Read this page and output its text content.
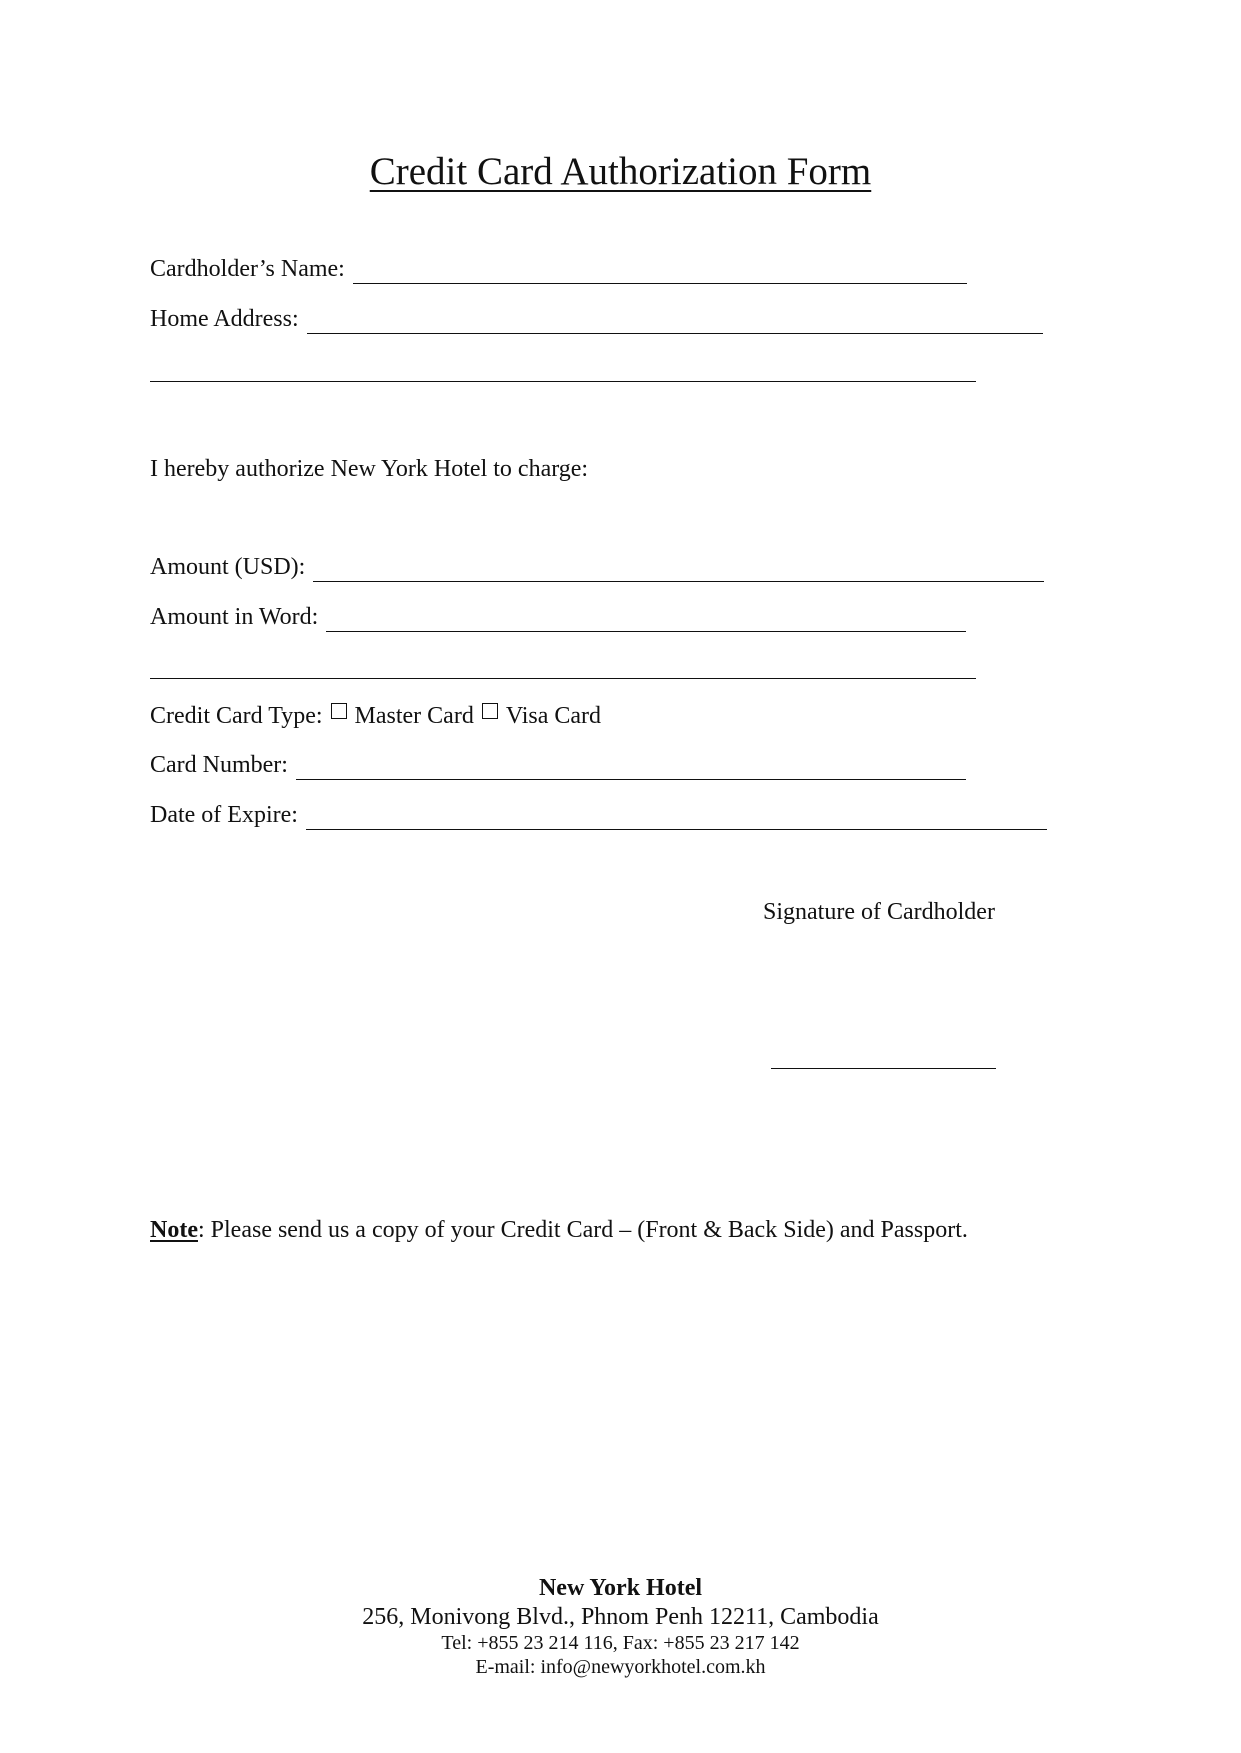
Credit Card Authorization Form
Cardholder’s Name:
Home Address:
I hereby authorize New York Hotel to charge:
Amount (USD):
Amount in Word:
Credit Card Type: Master Card Visa Card
Card Number:
Date of Expire:
Signature of Cardholder
Note: Please send us a copy of your Credit Card – (Front & Back Side) and Passport.
New York Hotel
256, Monivong Blvd., Phnom Penh 12211, Cambodia
Tel: +855 23 214 116, Fax: +855 23 217 142
E-mail: info@newyorkhotel.com.kh
